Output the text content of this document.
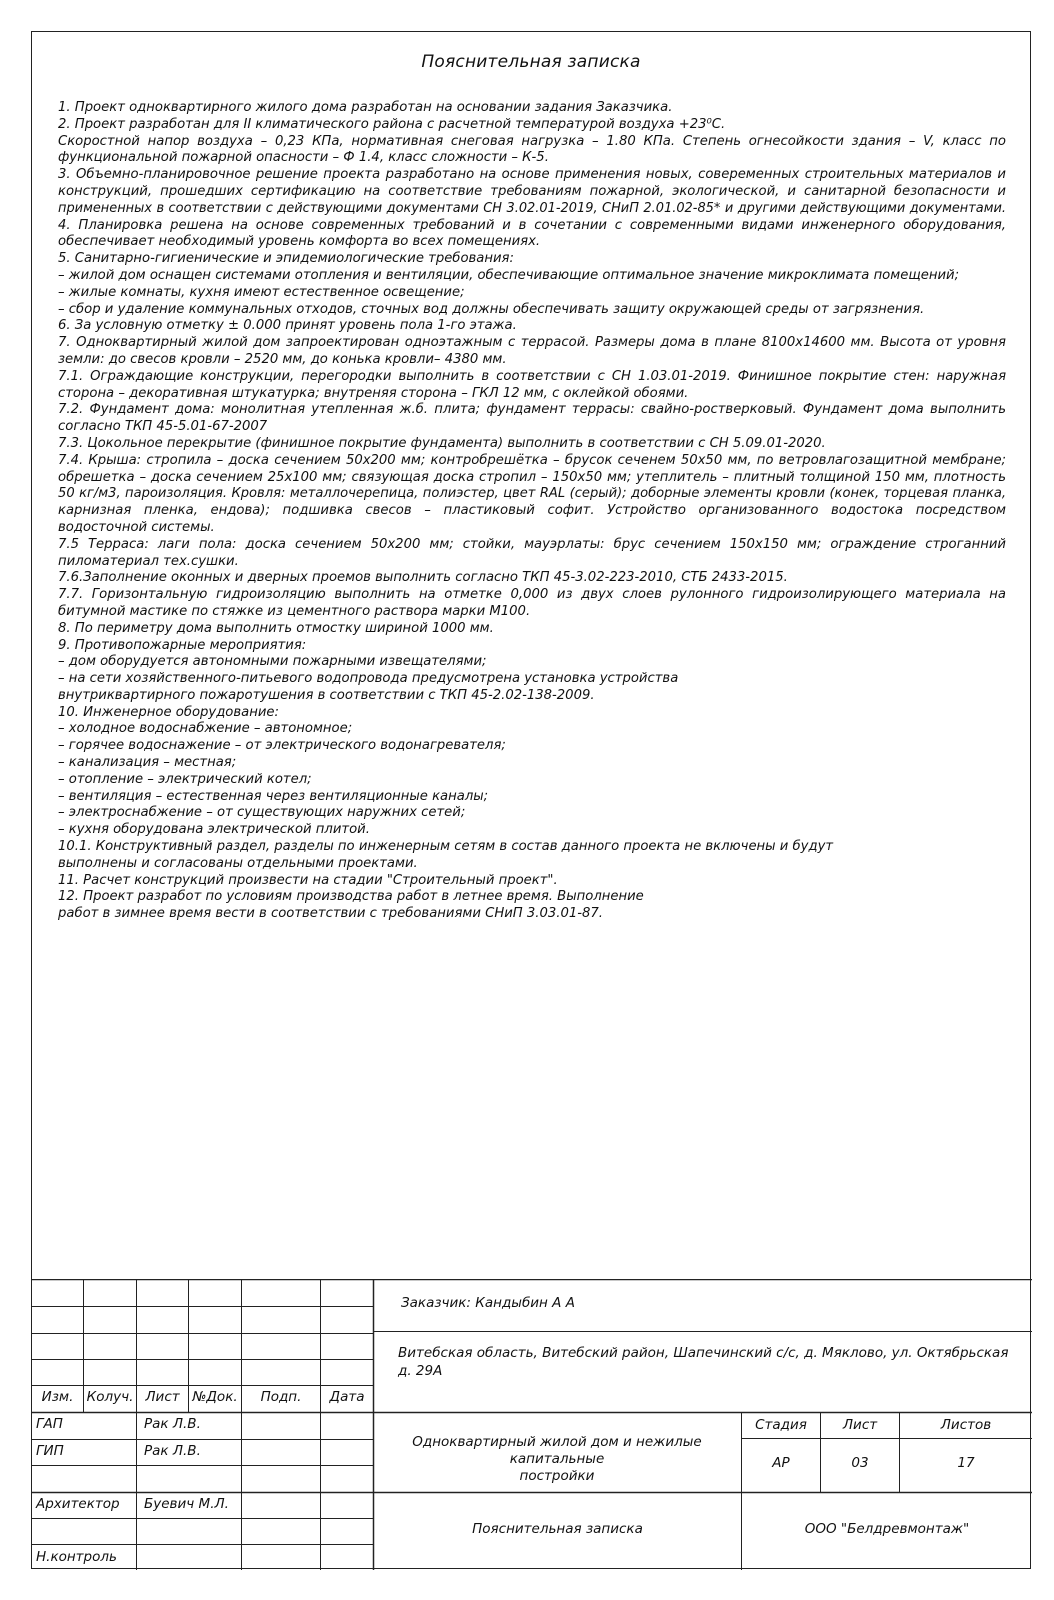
Пояснительная записка
1. Проект одноквартирного жилого дома разработан на основании задания Заказчика.
2. Проект разработан для II климатического района с расчетной температурой воздуха +23⁰С.
Скоростной напор воздуха – 0,23 КПа, нормативная снеговая нагрузка – 1.80 КПа. Степень огнесойкости здания – V, класс по
функциональной пожарной опасности – Ф 1.4, класс сложности – К-5.
3. Объемно-планировочное решение проекта разработано на основе применения новых, совеременных строительных материалов и
конструкций, прошедших сертификацию на соответствие требованиям пожарной, экологической, и санитарной безопасности и
примененных в соответствии с действующими документами СН 3.02.01-2019, СНиП 2.01.02-85* и другими действующими документами.
4. Планировка решена на основе современных требований и в сочетании с современными видами инженерного оборудования,
обеспечивает необходимый уровень комфорта во всех помещениях.
5. Санитарно-гигиенические и эпидемиологические требования:
– жилой дом оснащен системами отопления и вентиляции, обеспечивающие оптимальное значение микроклимата помещений;
– жилые комнаты, кухня имеют естественное освещение;
– сбор и удаление коммунальных отходов, сточных вод должны обеспечивать защиту окружающей среды от загрязнения.
6. За условную отметку ± 0.000 принят уровень пола 1-го этажа.
7. Одноквартирный жилой дом запроектирован одноэтажным с террасой. Размеры дома в плане 8100х14600 мм. Высота от уровня
земли: до свесов кровли – 2520 мм, до конька кровли– 4380 мм.
7.1. Ограждающие конструкции, перегородки выполнить в соответствии с СН 1.03.01-2019. Финишное покрытие стен: наружная
сторона – декоративная штукатурка; внутреняя сторона – ГКЛ 12 мм, с оклейкой обоями.
7.2. Фундамент дома: монолитная утепленная ж.б. плита; фундамент террасы: свайно-ростверковый. Фундамент дома выполнить
согласно ТКП 45-5.01-67-2007
7.3. Цокольное перекрытие (финишное покрытие фундамента) выполнить в соответствии с СН 5.09.01-2020.
7.4. Крыша: стропила – доска сечением 50х200 мм; контробрешётка – брусок сеченем 50х50 мм, по ветровлагозащитной мембране;
обрешетка – доска сечением 25х100 мм; связующая доска стропил – 150х50 мм; утеплитель – плитный толщиной 150 мм, плотность
50 кг/м3, пароизоляция. Кровля: металлочерепица, полиэстер, цвет RAL (серый); доборные элементы кровли (конек, торцевая планка,
карнизная пленка, ендова); подшивка свесов – пластиковый софит. Устройство организованного водостока посредством
водосточной системы.
7.5 Терраса: лаги пола: доска сечением 50х200 мм; стойки, мауэрлаты: брус сечением 150х150 мм; ограждение строганний
пиломатериал тех.сушки.
7.6.Заполнение оконных и дверных проемов выполнить согласно ТКП 45-3.02-223-2010, СТБ 2433-2015.
7.7. Горизонтальную гидроизоляцию выполнить на отметке 0,000 из двух слоев рулонного гидроизолирующего материала на
битумной мастике по стяжке из цементного раствора марки М100.
8. По периметру дома выполнить отмостку шириной 1000 мм.
9. Противопожарные мероприятия:
– дом оборудуется автономными пожарными извещателями;
– на сети хозяйственного-питьевого водопровода предусмотрена установка устройства
внутриквартирного пожаротушения в соответствии с ТКП 45-2.02-138-2009.
10. Инженерное оборудование:
– холодное водоснабжение – автономное;
– горячее водоснажение – от электрического водонагревателя;
– канализация – местная;
– отопление – электрический котел;
– вентиляция – естественная через вентиляционные каналы;
– электроснабжение – от существующих наружних сетей;
– кухня оборудована электрической плитой.
10.1. Конструктивный раздел, разделы по инженерным сетям в состав данного проекта не включены и будут
выполнены и согласованы отдельными проектами.
11. Расчет конструкций произвести на стадии "Строительный проект".
12. Проект разработ по условиям производства работ в летнее время. Выполнение
работ в зимнее время вести в соответствии с требованиями СНиП 3.03.01-87.
Заказчик: Кандыбин А А
Витебская область, Витебский район, Шапечинский с/с, д. Мяклово, ул. Октябрьская
д. 29А
Изм. Колуч. Лист №Док.	Подп.	Дата
ГАП	Рак Л.В.
ГИП	Рак Л.В.
Архитектор Буевич М.Л.
Н.контроль
Одноквартирный жилой дом и нежилые капитальные
постройки
Стадия	Лист	Листов
АР	03	17
Пояснительная записка	ООО "Белдревмонтаж"
